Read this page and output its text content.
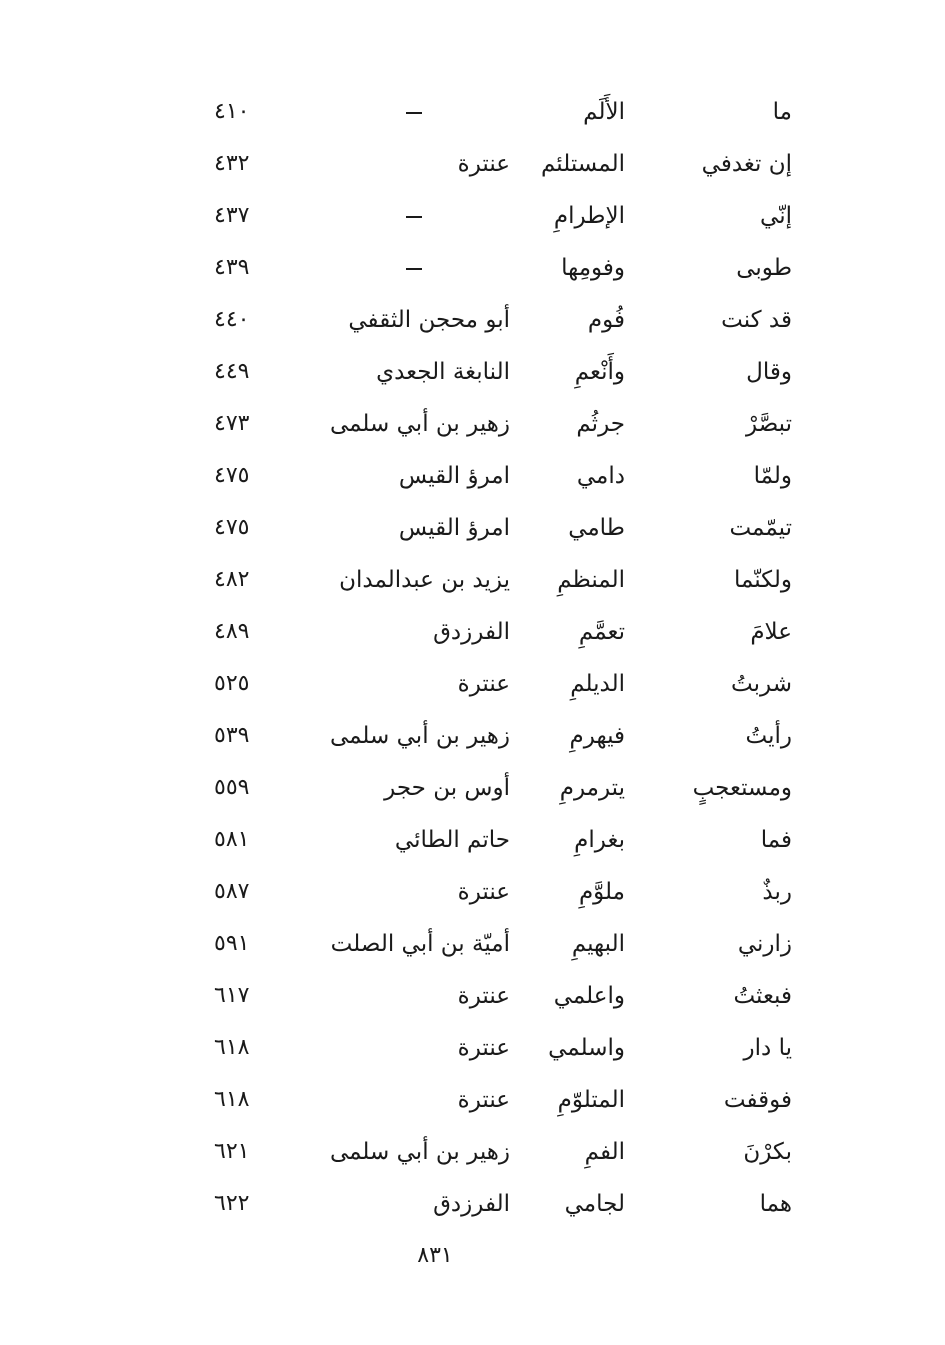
ما
الأَلَم
٤١٠
إن تغدفي
المستلئم
عنترة
٤٣٢
إنّي
الإطرامِ
٤٣٧
طوبى
وفومِها
٤٣٩
قد كنت
فُوم
أبو محجن الثقفي
٤٤٠
وقال
وأَنْعمِ
النابغة الجعدي
٤٤٩
تبصَّرْ
جرثُم
زهير بن أبي سلمى
٤٧٣
ولمّا
دامي
امرؤ القيس
٤٧٥
تيمّمت
طامي
امرؤ القيس
٤٧٥
ولكنّما
المنظمِ
يزيد بن عبدالمدان
٤٨٢
علامَ
تعمَّمِ
الفرزدق
٤٨٩
شربتُ
الديلمِ
عنترة
٥٢٥
رأيتُ
فيهرمِ
زهير بن أبي سلمى
٥٣٩
ومستعجبٍ
يترمرمِ
أوس بن حجر
٥٥٩
فما
بغرامِ
حاتم الطائي
٥٨١
ربذٌ
ملوَّمِ
عنترة
٥٨٧
زارني
البهيمِ
أميّة بن أبي الصلت
٥٩١
فبعثتُ
واعلمي
عنترة
٦١٧
يا دار
واسلمي
عنترة
٦١٨
فوقفت
المتلوّمِ
عنترة
٦١٨
بكرْنَ
الفمِ
زهير بن أبي سلمى
٦٢١
هما
لجامي
الفرزدق
٦٢٢
٨٣١
